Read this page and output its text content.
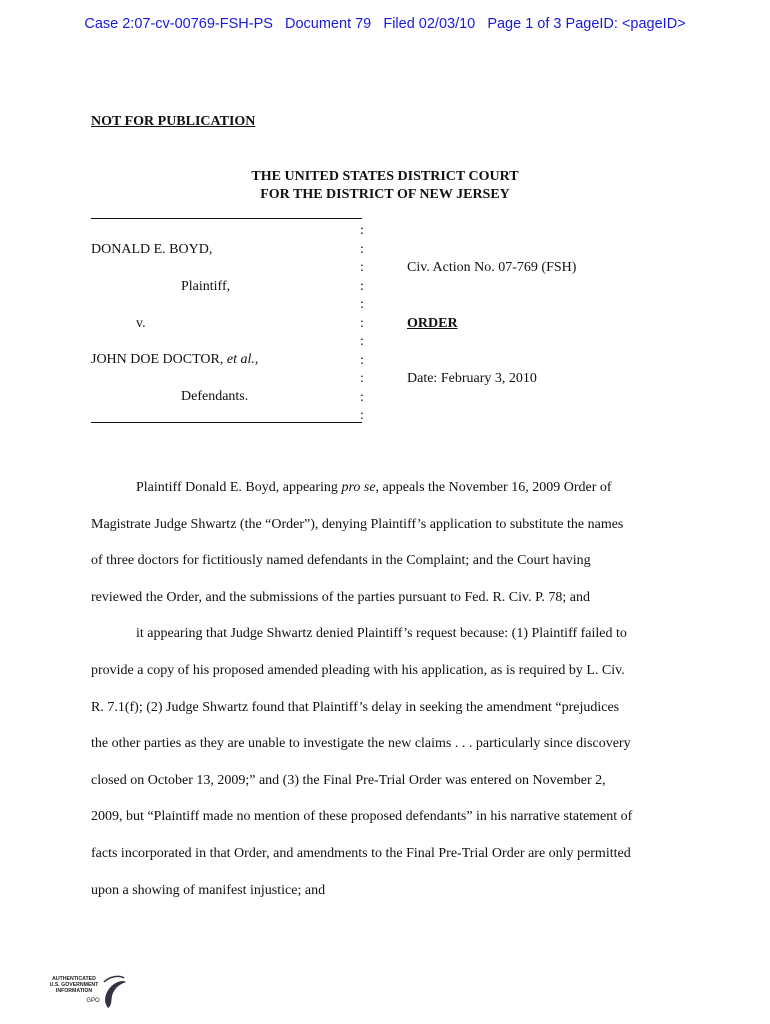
Case 2:07-cv-00769-FSH-PS   Document 79   Filed 02/03/10   Page 1 of 3 PageID: <pageID>
NOT FOR PUBLICATION
THE UNITED STATES DISTRICT COURT
FOR THE DISTRICT OF NEW JERSEY
:
:
:
:
:
:
:
:
:
:
:
DONALD E. BOYD,
Plaintiff,
v.
JOHN DOE DOCTOR, et al.,
Defendants.
Civ. Action No. 07-769 (FSH)
ORDER
Date: February 3, 2010

Plaintiff Donald E. Boyd, appearing pro se, appeals the November 16, 2009 Order of

Magistrate Judge Shwartz (the “Order”), denying Plaintiff’s application to substitute the names

of three doctors for fictitiously named defendants in the Complaint; and the Court having

reviewed the Order, and the submissions of the parties pursuant to Fed. R. Civ. P. 78; and

it appearing that Judge Shwartz denied Plaintiff’s request because: (1) Plaintiff failed to

provide a copy of his proposed amended pleading with his application, as is required by L. Civ.

R. 7.1(f); (2) Judge Shwartz found that Plaintiff’s delay in seeking the amendment “prejudices

the other parties as they are unable to investigate the new claims . . . particularly since discovery

closed on October 13, 2009;” and (3) the Final Pre-Trial Order was entered on November 2,

2009, but “Plaintiff made no mention of these proposed defendants” in his narrative statement of

facts incorporated in that Order, and amendments to the Final Pre-Trial Order are only permitted

upon a showing of manifest injustice; and

AUTHENTICATED
U.S. GOVERNMENT
INFORMATION
GPO
